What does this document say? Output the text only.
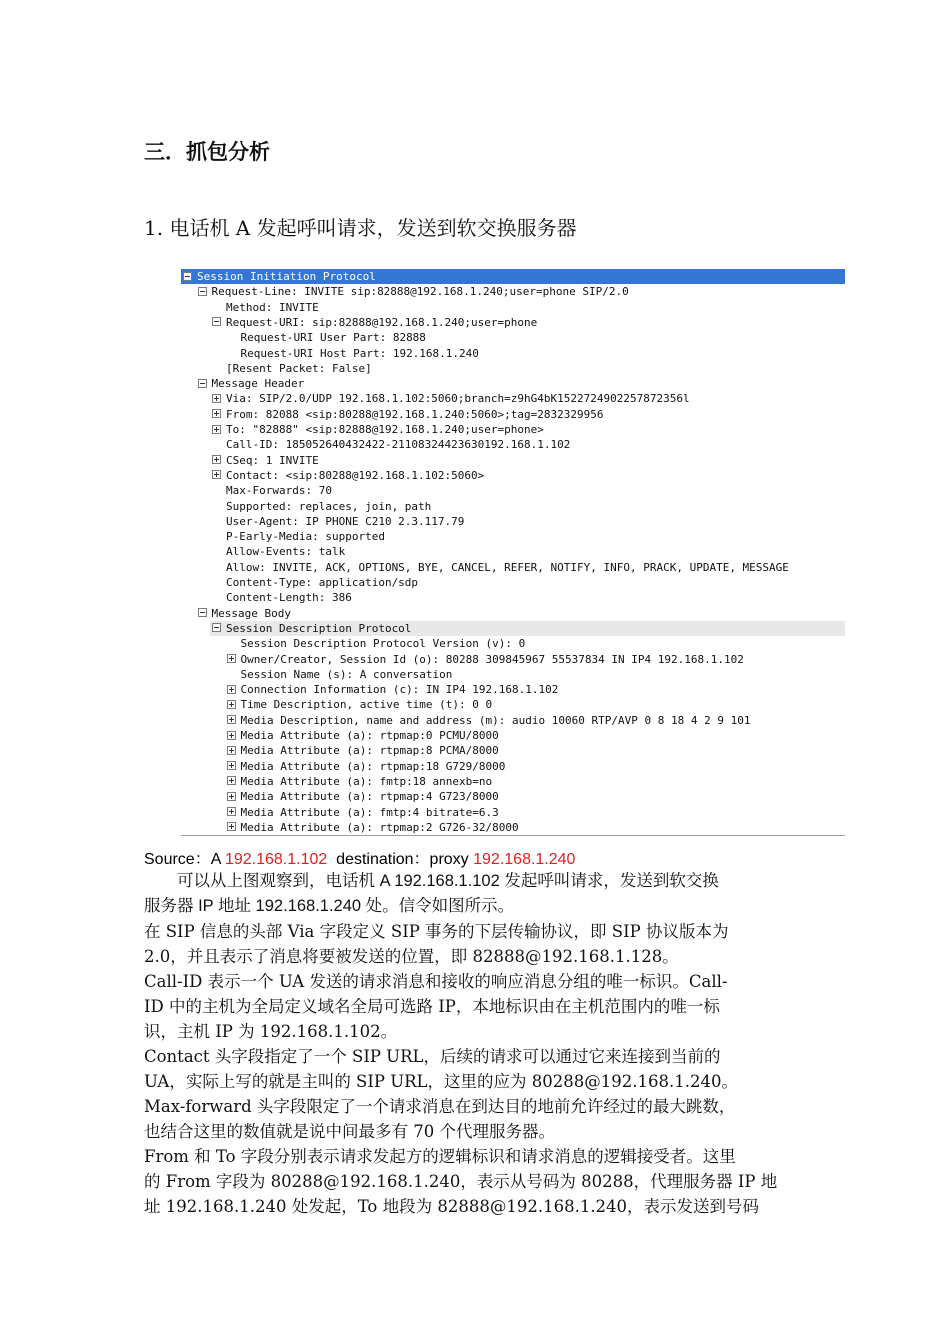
三．抓包分析
1. 电话机 A 发起呼叫请求，发送到软交换服务器
Session Initiation Protocol
Request-Line: INVITE sip:82888@192.168.1.240;user=phone SIP/2.0
Method: INVITE
Request-URI: sip:82888@192.168.1.240;user=phone
Request-URI User Part: 82888
Request-URI Host Part: 192.168.1.240
[Resent Packet: False]
Message Header
Via: SIP/2.0/UDP 192.168.1.102:5060;branch=z9hG4bK1522724902257872356l
From: 82088 <sip:80288@192.168.1.240:5060>;tag=2832329956
To: "82888" <sip:82888@192.168.1.240;user=phone>
Call-ID: 185052640432422-21108324423630192.168.1.102
CSeq: 1 INVITE
Contact: <sip:80288@192.168.1.102:5060>
Max-Forwards: 70
Supported: replaces, join, path
User-Agent: IP PHONE C210 2.3.117.79
P-Early-Media: supported
Allow-Events: talk
Allow: INVITE, ACK, OPTIONS, BYE, CANCEL, REFER, NOTIFY, INFO, PRACK, UPDATE, MESSAGE
Content-Type: application/sdp
Content-Length: 386
Message Body
Session Description Protocol
Session Description Protocol Version (v): 0
Owner/Creator, Session Id (o): 80288 309845967 55537834 IN IP4 192.168.1.102
Session Name (s): A conversation
Connection Information (c): IN IP4 192.168.1.102
Time Description, active time (t): 0 0
Media Description, name and address (m): audio 10060 RTP/AVP 0 8 18 4 2 9 101
Media Attribute (a): rtpmap:0 PCMU/8000
Media Attribute (a): rtpmap:8 PCMA/8000
Media Attribute (a): rtpmap:18 G729/8000
Media Attribute (a): fmtp:18 annexb=no
Media Attribute (a): rtpmap:4 G723/8000
Media Attribute (a): fmtp:4 bitrate=6.3
Media Attribute (a): rtpmap:2 G726-32/8000
Source：A 192.168.1.102  destination：proxy 192.168.1.240
　　可以从上图观察到，电话机 A 192.168.1.102 发起呼叫请求，发送到软交换
服务器 IP 地址 192.168.1.240 处。信令如图所示。
在 SIP 信息的头部 Via 字段定义 SIP 事务的下层传输协议，即 SIP 协议版本为
2.0，并且表示了消息将要被发送的位置，即 82888@192.168.1.128。
Call-ID 表示一个 UA 发送的请求消息和接收的响应消息分组的唯一标识。Call-
ID 中的主机为全局定义域名全局可选路 IP，本地标识由在主机范围内的唯一标
识，主机 IP 为 192.168.1.102。
Contact 头字段指定了一个 SIP URL，后续的请求可以通过它来连接到当前的
UA，实际上写的就是主叫的 SIP URL，这里的应为 80288@192.168.1.240。
Max-forward 头字段限定了一个请求消息在到达目的地前允许经过的最大跳数，
也结合这里的数值就是说中间最多有 70 个代理服务器。
From 和 To 字段分别表示请求发起方的逻辑标识和请求消息的逻辑接受者。这里
的 From 字段为 80288@192.168.1.240，表示从号码为 80288，代理服务器 IP 地
址 192.168.1.240 处发起，To 地段为 82888@192.168.1.240，表示发送到号码
